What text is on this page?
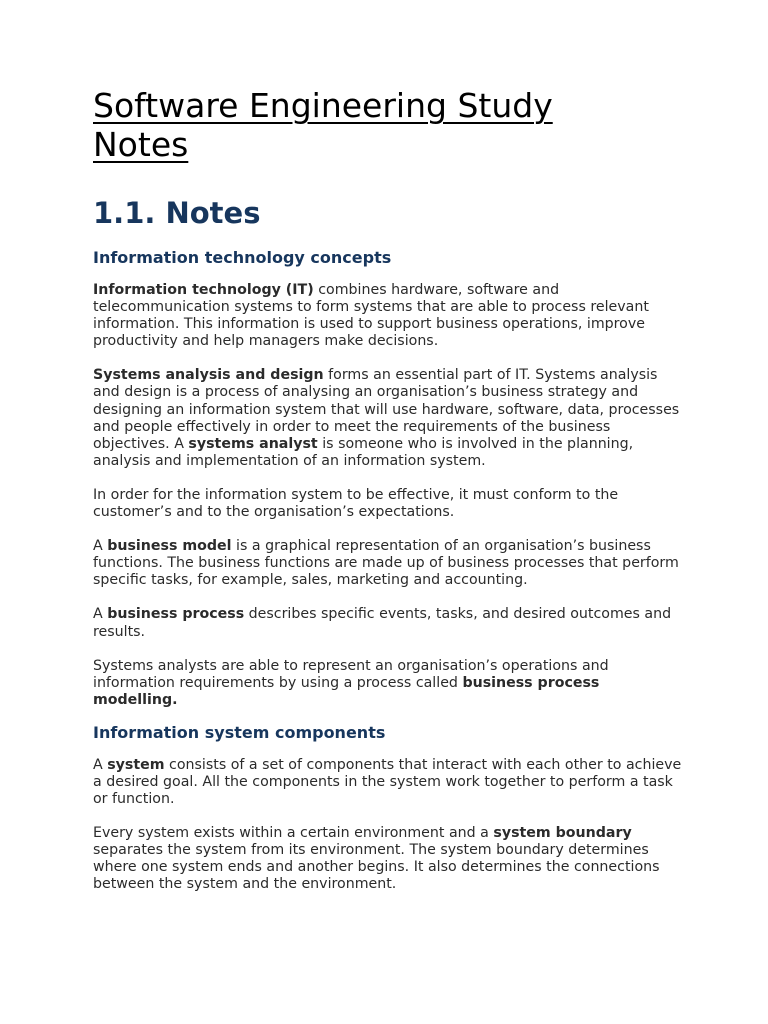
Software Engineering Study Notes
1.1. Notes
Information technology concepts

Information technology (IT) combines hardware, software and telecommunication systems to form systems that are able to process relevant information. This information is used to support business operations, improve productivity and help managers make decisions.

Systems analysis and design forms an essential part of IT. Systems analysis and design is a process of analysing an organisation’s business strategy and designing an information system that will use hardware, software, data, processes and people effectively in order to meet the requirements of the business objectives. A systems analyst is someone who is involved in the planning, analysis and implementation of an information system.

In order for the information system to be effective, it must conform to the customer’s and to the organisation’s expectations.

A business model is a graphical representation of an organisation’s business functions. The business functions are made up of business processes that perform specific tasks, for example, sales, marketing and accounting.

A business process describes specific events, tasks, and desired outcomes and results.

Systems analysts are able to represent an organisation’s operations and information requirements by using a process called business process modelling.

Information system components

A system consists of a set of components that interact with each other to achieve a desired goal. All the components in the system work together to perform a task or function.

Every system exists within a certain environment and a system boundary separates the system from its environment. The system boundary determines where one system ends and another begins. It also determines the connections between the system and the environment.
